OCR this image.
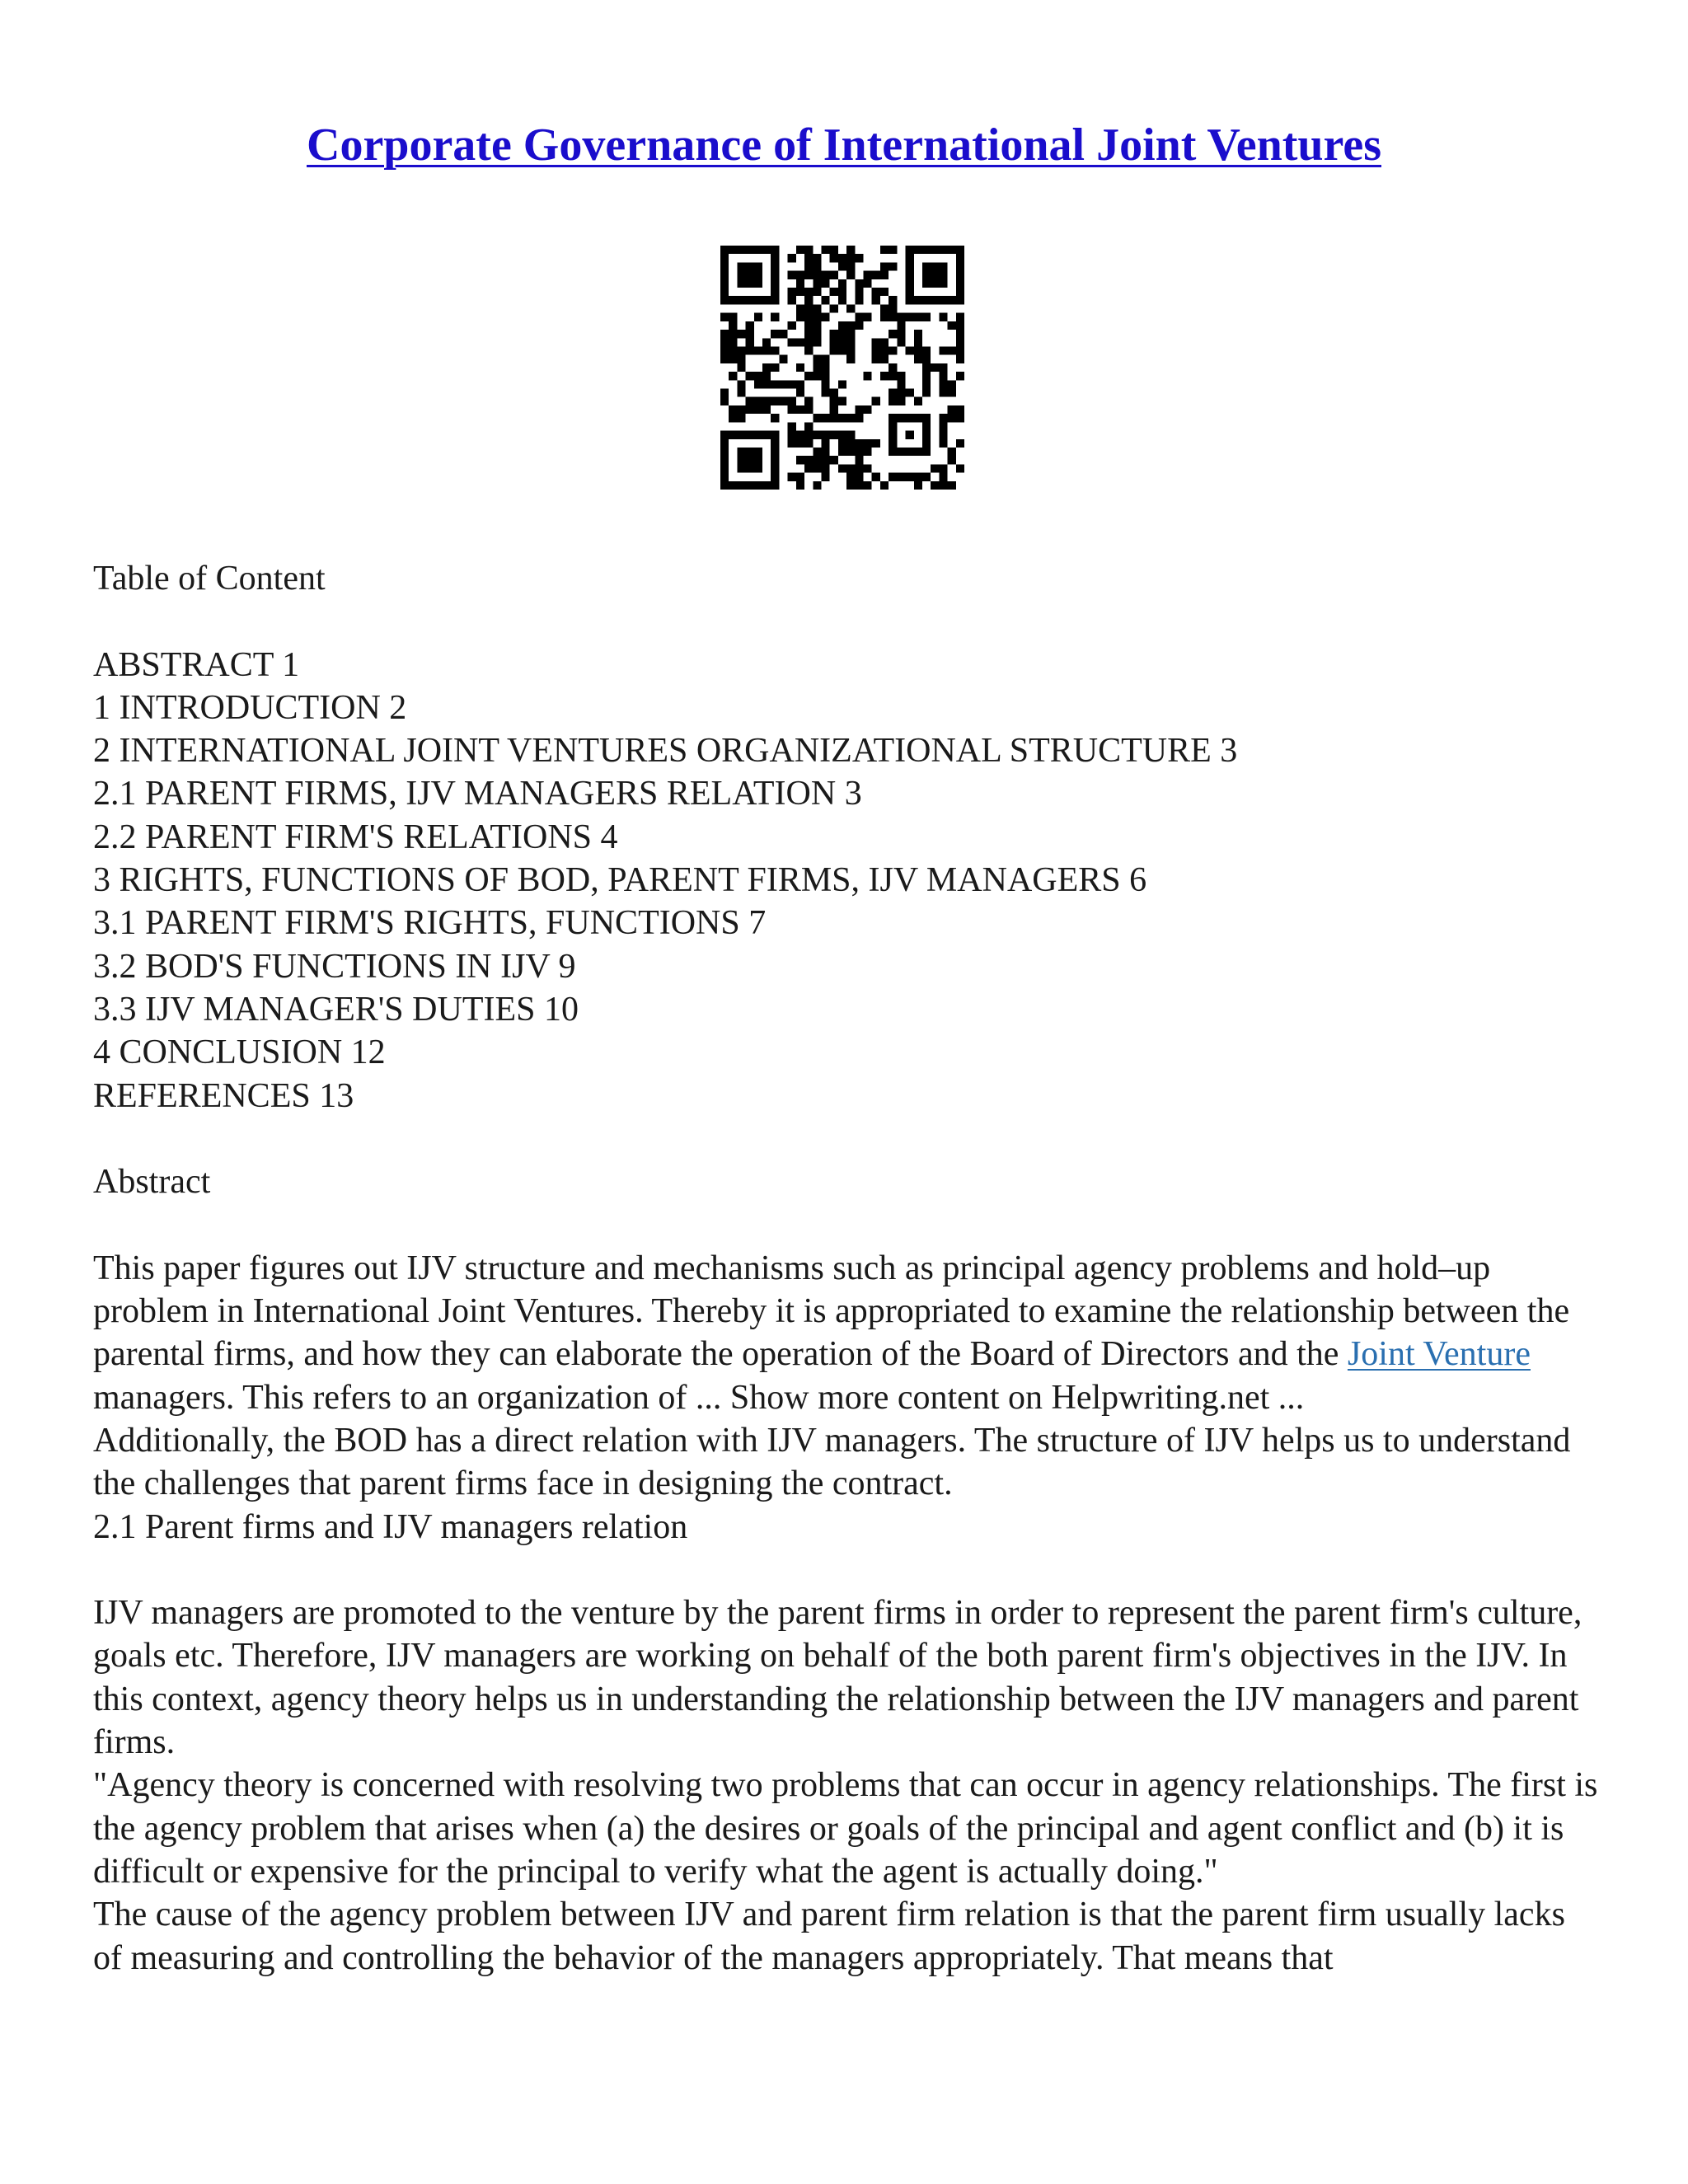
Corporate Governance of International Joint Ventures

Table of Content

ABSTRACT 1

1 INTRODUCTION 2

2 INTERNATIONAL JOINT VENTURES ORGANIZATIONAL STRUCTURE 3

2.1 PARENT FIRMS, IJV MANAGERS RELATION 3

2.2 PARENT FIRM'S RELATIONS 4

3 RIGHTS, FUNCTIONS OF BOD, PARENT FIRMS, IJV MANAGERS 6

3.1 PARENT FIRM'S RIGHTS, FUNCTIONS 7

3.2 BOD'S FUNCTIONS IN IJV 9

3.3 IJV MANAGER'S DUTIES 10

4 CONCLUSION 12

REFERENCES 13

Abstract

This paper figures out IJV structure and mechanisms such as principal agency problems and hold–up problem in International Joint Ventures. Thereby it is appropriated to examine the relationship between the parental firms, and how they can elaborate the operation of the Board of Directors and the Joint Venture managers. This refers to an organization of ... Show more content on Helpwriting.net ...

Additionally, the BOD has a direct relation with IJV managers. The structure of IJV helps us to understand the challenges that parent firms face in designing the contract.

2.1 Parent firms and IJV managers relation

IJV managers are promoted to the venture by the parent firms in order to represent the parent firm's culture, goals etc. Therefore, IJV managers are working on behalf of the both parent firm's objectives in the IJV. In this context, agency theory helps us in understanding the relationship between the IJV managers and parent firms.

"Agency theory is concerned with resolving two problems that can occur in agency relationships. The first is the agency problem that arises when (a) the desires or goals of the principal and agent conflict and (b) it is difficult or expensive for the principal to verify what the agent is actually doing."

The cause of the agency problem between IJV and parent firm relation is that the parent firm usually lacks of measuring and controlling the behavior of the managers appropriately. That means that
